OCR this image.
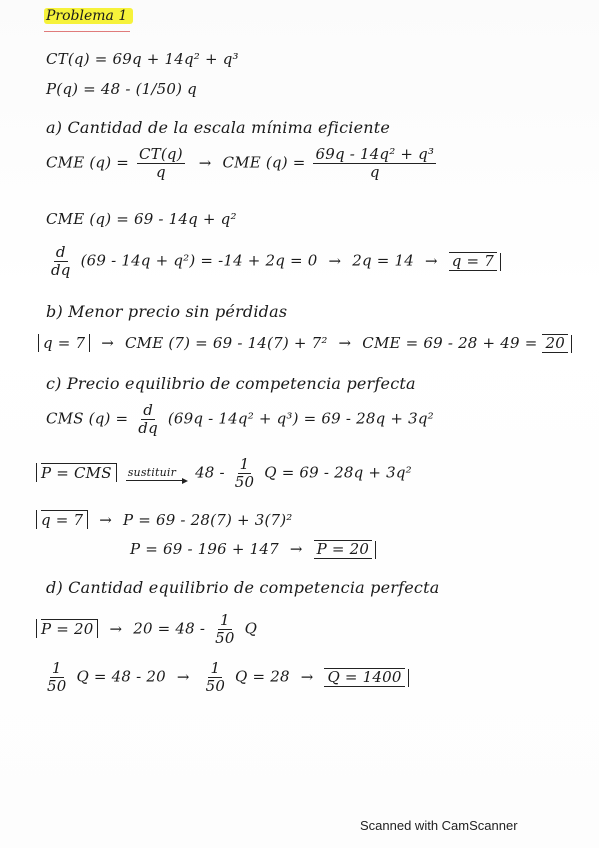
Problema 1
CT(q) = 69q + 14q² + q³
P(q) = 48 - (1/50) q
a) Cantidad de la escala mínima eficiente
CME $(q) = \frac{CT(q)}{q}$ → CME $(q) = \frac{\text{69q - 14q² + q³}}{q}$
CME (q) = 69 - 14q + q²
$\frac{d}{dq} (69 - 14q + q^2) = -14 + 2q = 0 \to 2q = 14 \to q = 7$
b) Menor precio sin pérdidas
q = 7 → CME (7) = 69 - 14(7) + 7² → CME = 69 - 28 + 49 = 20
c) Precio equilibrio de competencia perfecta
CMS $(q) = \frac{d}{dq} (69q - 14q^2 + q^3) = 69 - 28q + 3q^2$
P = CMS sustituir	$48 - \frac{1}{50}$ Q = 69 - 28q + 3q²
q = 7 → P = 69 - 28(7) + 3(7)²
P = 69 - 196 + 147 → P = 20
d) Cantidad equilibrio de competencia perfecta
$P = 20 \to 20 = 48 - \frac{1}{50}$ Q
$\frac{1}{50}$ $Q = 48 - 20 \to \frac{1}{50}$ Q = 28 → Q = 1400
Scanned with CamScanner
